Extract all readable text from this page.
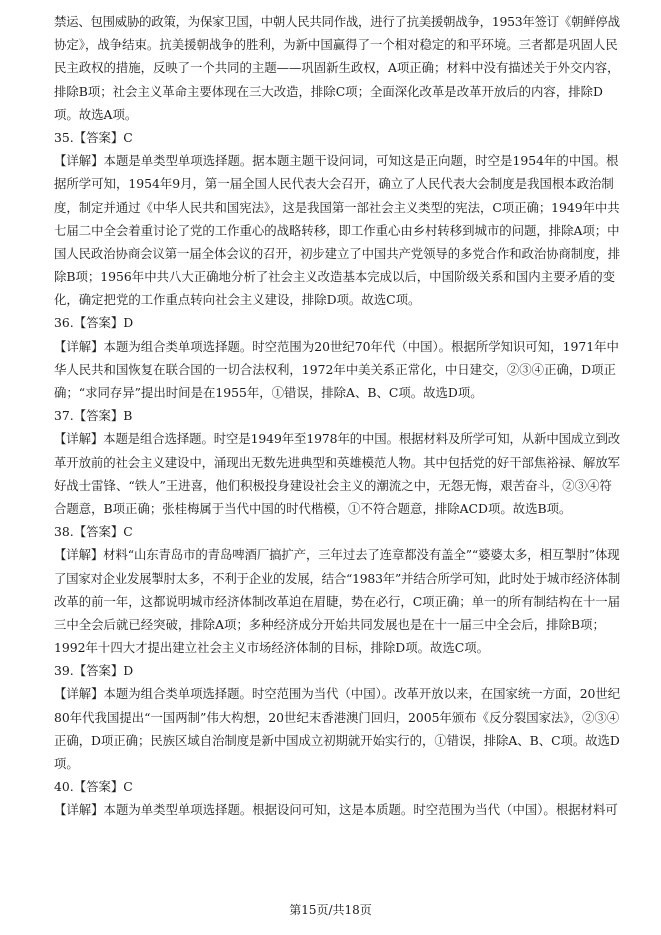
禁运、包围威胁的政策，为保家卫国，中朝人民共同作战，进行了抗美援朝战争，1953年签订《朝鲜停战
协定》，战争结束。抗美援朝战争的胜利，为新中国赢得了一个相对稳定的和平环境。三者都是巩固人民
民主政权的措施，反映了一个共同的主题——巩固新生政权，A项正确；材料中没有描述关于外交内容，
排除B项；社会主义革命主要体现在三大改造，排除C项；全面深化改革是改革开放后的内容，排除D
项。故选A项。
35.【答案】C
【详解】本题是单类型单项选择题。据本题主题干设问词，可知这是正向题，时空是1954年的中国。根
据所学可知，1954年9月，第一届全国人民代表大会召开，确立了人民代表大会制度是我国根本政治制
度，制定并通过《中华人民共和国宪法》，这是我国第一部社会主义类型的宪法，C项正确；1949年中共
七届二中全会着重讨论了党的工作重心的战略转移，即工作重心由乡村转移到城市的问题，排除A项；中
国人民政治协商会议第一届全体会议的召开，初步建立了中国共产党领导的多党合作和政治协商制度，排
除B项；1956年中共八大正确地分析了社会主义改造基本完成以后，中国阶级关系和国内主要矛盾的变
化，确定把党的工作重点转向社会主义建设，排除D项。故选C项。
36.【答案】D
【详解】本题为组合类单项选择题。时空范围为20世纪70年代（中国）。根据所学知识可知，1971年中
华人民共和国恢复在联合国的一切合法权利，1972年中美关系正常化，中日建交，②③④正确，D项正
确；“求同存异”提出时间是在1955年，①错误，排除A、B、C项。故选D项。
37.【答案】B
【详解】本题是组合选择题。时空是1949年至1978年的中国。根据材料及所学可知，从新中国成立到改
革开放前的社会主义建设中，涌现出无数先进典型和英雄模范人物。其中包括党的好干部焦裕禄、解放军
好战士雷锋、“铁人”王进喜，他们积极投身建设社会主义的潮流之中，无怨无悔，艰苦奋斗，②③④符
合题意，B项正确；张桂梅属于当代中国的时代楷模，①不符合题意，排除ACD项。故选B项。
38.【答案】C
【详解】材料“山东青岛市的青岛啤酒厂搞扩产，三年过去了连章都没有盖全”“婆婆太多，相互掣肘”体现
了国家对企业发展掣肘太多，不利于企业的发展，结合“1983年”并结合所学可知，此时处于城市经济体制
改革的前一年，这都说明城市经济体制改革迫在眉睫，势在必行，C项正确；单一的所有制结构在十一届
三中全会后就已经突破，排除A项；多种经济成分开始共同发展也是在十一届三中全会后，排除B项；
1992年十四大才提出建立社会主义市场经济体制的目标，排除D项。故选C项。
39.【答案】D
【详解】本题为组合类单项选择题。时空范围为当代（中国）。改革开放以来，在国家统一方面，20世纪
80年代我国提出“一国两制”伟大构想，20世纪末香港澳门回归，2005年颁布《反分裂国家法》，②③④
正确，D项正确；民族区域自治制度是新中国成立初期就开始实行的，①错误，排除A、B、C项。故选D
项。
40.【答案】C
【详解】本题为单类型单项选择题。根据设问可知，这是本质题。时空范围为当代（中国）。根据材料可
第15页/共18页
